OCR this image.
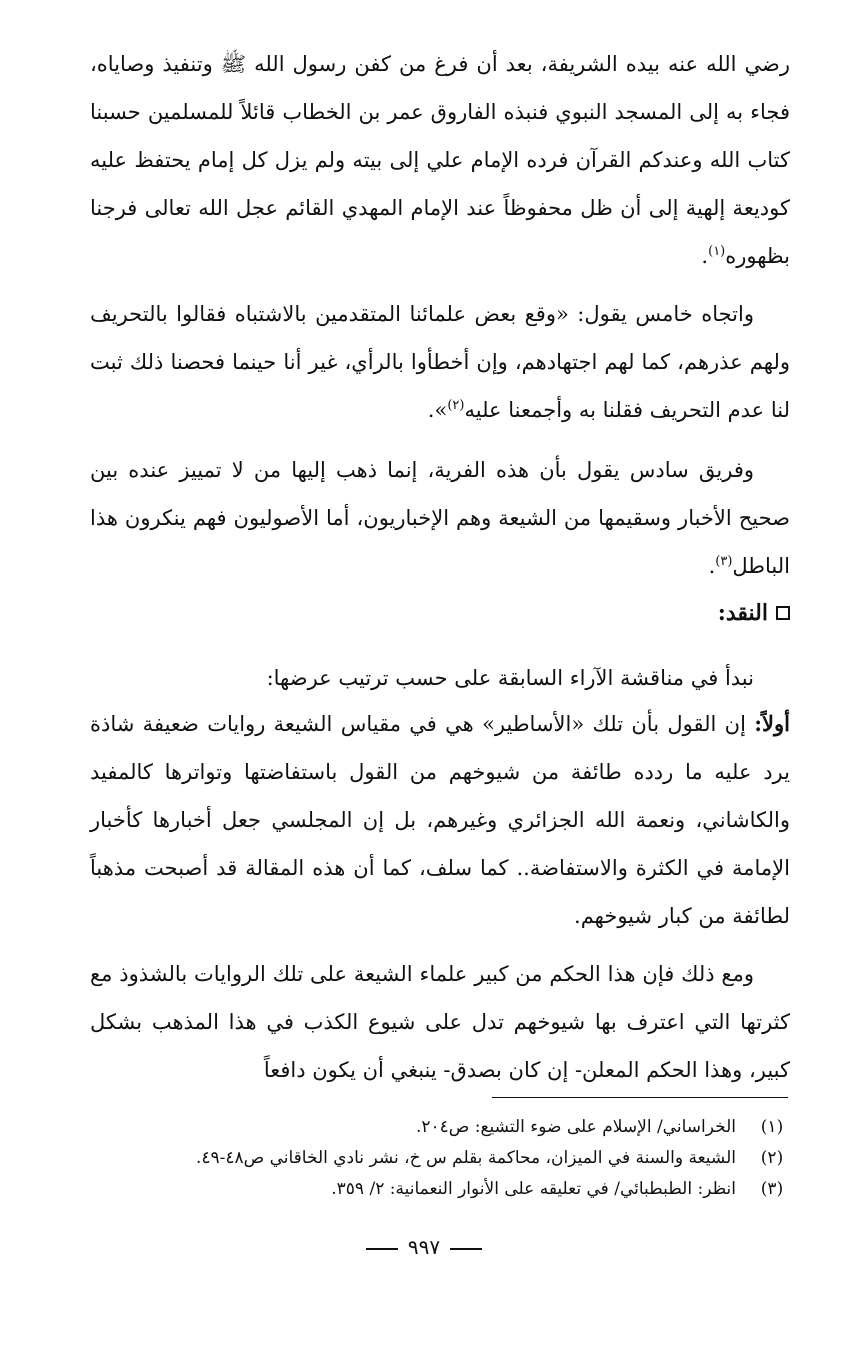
رضي الله عنه بيده الشريفة، بعد أن فرغ من كفن رسول الله ﷺ وتنفيذ وصاياه، فجاء به إلى المسجد النبوي فنبذه الفاروق عمر بن الخطاب قائلاً للمسلمين حسبنا كتاب الله وعندكم القرآن فرده الإمام علي إلى بيته ولم يزل كل إمام يحتفظ عليه كوديعة إلهية إلى أن ظل محفوظاً عند الإمام المهدي القائم عجل الله تعالى فرجنا بظهوره$^{(١)}$.
واتجاه خامس يقول: «وقع بعض علمائنا المتقدمين بالاشتباه فقالوا بالتحريف ولهم عذرهم، كما لهم اجتهادهم، وإن أخطأوا بالرأي، غير أنا حينما فحصنا ذلك ثبت لنا عدم التحريف فقلنا به وأجمعنا عليه$^{(٢)}$».
وفريق سادس يقول بأن هذه الفرية، إنما ذهب إليها من لا تمييز عنده بين صحيح الأخبار وسقيمها من الشيعة وهم الإخباريون، أما الأصوليون فهم ينكرون هذا الباطل$^{(٣)}$.
النقد:
نبدأ في مناقشة الآراء السابقة على حسب ترتيب عرضها:
أولاً: إن القول بأن تلك «الأساطير» هي في مقياس الشيعة روايات ضعيفة شاذة يرد عليه ما ردده طائفة من شيوخهم من القول باستفاضتها وتواترها كالمفيد والكاشاني، ونعمة الله الجزائري وغيرهم، بل إن المجلسي جعل أخبارها كأخبار الإمامة في الكثرة والاستفاضة.. كما سلف، كما أن هذه المقالة قد أصبحت مذهباً لطائفة من كبار شيوخهم.
ومع ذلك فإن هذا الحكم من كبير علماء الشيعة على تلك الروايات بالشذوذ مع كثرتها التي اعترف بها شيوخهم تدل على شيوع الكذب في هذا المذهب بشكل كبير، وهذا الحكم المعلن- إن كان بصدق- ينبغي أن يكون دافعاً
(١)
الخراساني/ الإسلام على ضوء التشيع: ص٢٠٤.
(٢)
الشيعة والسنة في الميزان، محاكمة بقلم س خ، نشر نادي الخاقاني ص٤٨-٤٩.
(٣)
انظر: الطبطبائي/ في تعليقه على الأنوار النعمانية: ٢/ ٣٥٩.
٩٩٧
